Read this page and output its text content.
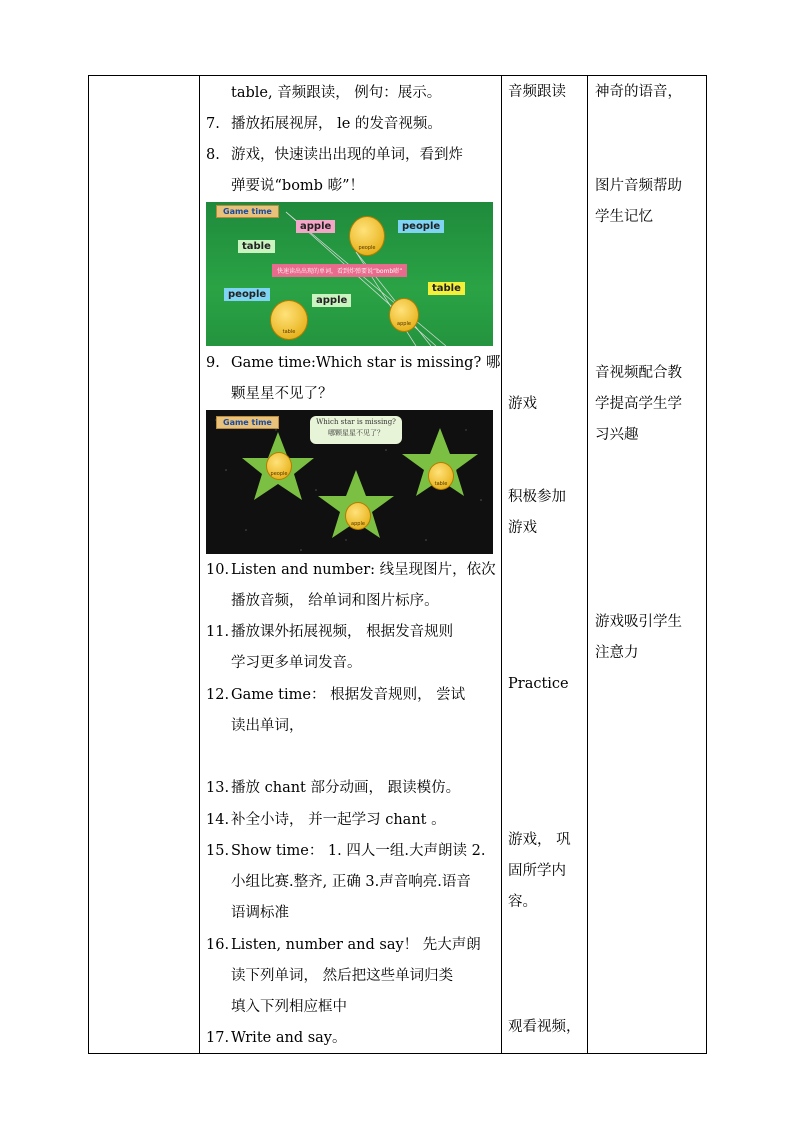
table, 音频跟读， 例句：展示。
7. 播放拓展视屏， le 的发音视频。
8. 游戏，快速读出出现的单词，看到炸
弹要说“bomb 嘭”！
Game time
apple	people
table
people
apple
table
快速读出出现的单词，看到炸弹要说“bomb嘭”
people
table
apple
9. Game time:Which star is missing? 哪
颗星星不见了？
Game time	Which star is missing?
哪颗星星不见了？
people
table
apple
10. Listen and number: 线呈现图片，依次
播放音频， 给单词和图片标序。
11. 播放课外拓展视频， 根据发音规则
学习更多单词发音。
12. Game time： 根据发音规则， 尝试
读出单词，
13. 播放 chant 部分动画， 跟读模仿。
14. 补全小诗， 并一起学习 chant 。
15. Show time： 1. 四人一组.大声朗读 2.
小组比赛.整齐, 正确 3.声音响亮.语音
语调标准
16. Listen, number and say！ 先大声朗
读下列单词， 然后把这些单词归类
填入下列相应框中
17. Write and say。
音频跟读
游戏
积极参加
游戏
Practice
游戏， 巩
固所学内
容。
观看视频，
神奇的语音，
图片音频帮助
学生记忆
音视频配合教
学提高学生学
习兴趣
游戏吸引学生
注意力
